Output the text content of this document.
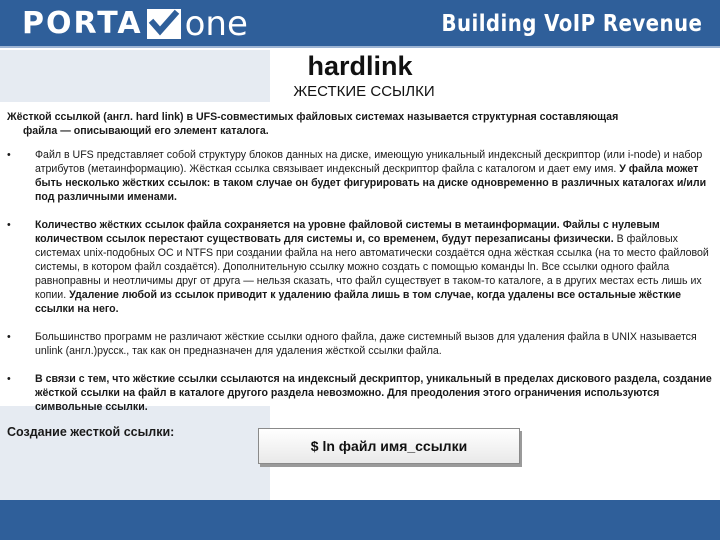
PORTA one	Building VoIP Revenue
hardlink
ЖЕСТКИЕ ССЫЛКИ

Жёсткой ссылкой (англ. hard link) в UFS-совместимых файловых системах называется структурная составляющая
файла — описывающий его элемент каталога.

•	Файл в UFS представляет собой структуру блоков данных на диске, имеющую уникальный индексный дескриптор (или i-node) и набор атрибутов (метаинформацию). Жёсткая ссылка связывает индексный дескриптор файла с каталогом и дает ему имя. У файла может быть несколько жёстких ссылок: в таком случае он будет фигурировать на диске одновременно в различных каталогах и/или под различными именами.
•	Количество жёстких ссылок файла сохраняется на уровне файловой системы в метаинформации. Файлы с нулевым количеством ссылок перестают существовать для системы и, со временем, будут перезаписаны физически. В файловых системах unix-подобных ОС и NTFS при создании файла на него автоматически создаётся одна жёсткая ссылка (на то место файловой системы, в котором файл создаётся). Дополнительную ссылку можно создать с помощью команды ln. Все ссылки одного файла равноправны и неотличимы друг от друга — нельзя сказать, что файл существует в таком-то каталоге, а в других местах есть лишь их копии. Удаление любой из ссылок приводит к удалению файла лишь в том случае, когда удалены все остальные жёсткие ссылки на него.
•	Большинство программ не различают жёсткие ссылки одного файла, даже системный вызов для удаления файла в UNIX называется unlink (англ.)русск., так как он предназначен для удаления жёсткой ссылки файла.
•	В связи с тем, что жёсткие ссылки ссылаются на индексный дескриптор, уникальный в пределах дискового раздела, создание жёсткой ссылки на файл в каталоге другого раздела невозможно. Для преодоления этого ограничения используются символьные ссылки.
Создание жесткой ссылки:
$ ln файл имя_ссылки
